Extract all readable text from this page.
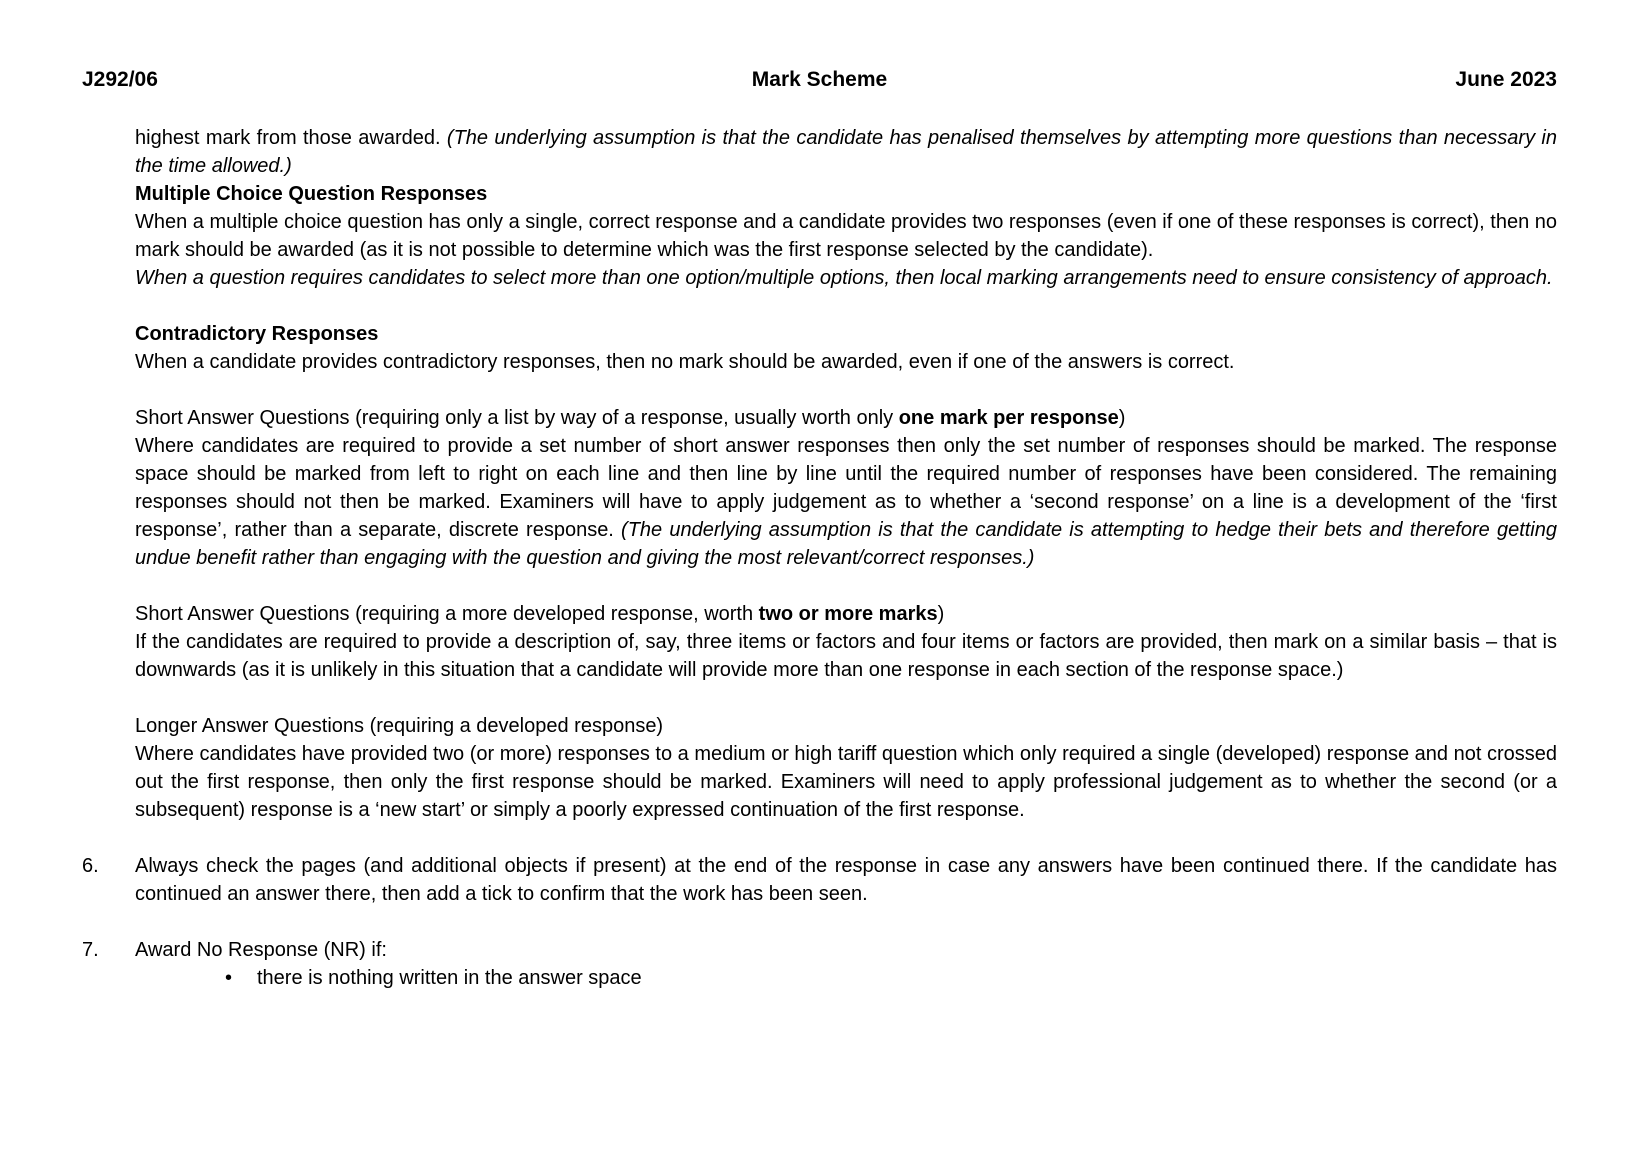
J292/06	Mark Scheme	June 2023

highest mark from those awarded. (The underlying assumption is that the candidate has penalised themselves by attempting more questions than necessary in the time allowed.)

Multiple Choice Question Responses

When a multiple choice question has only a single, correct response and a candidate provides two responses (even if one of these responses is correct), then no mark should be awarded (as it is not possible to determine which was the first response selected by the candidate).

When a question requires candidates to select more than one option/multiple options, then local marking arrangements need to ensure consistency of approach.

Contradictory Responses

When a candidate provides contradictory responses, then no mark should be awarded, even if one of the answers is correct.

Short Answer Questions (requiring only a list by way of a response, usually worth only one mark per response)

Where candidates are required to provide a set number of short answer responses then only the set number of responses should be marked. The response space should be marked from left to right on each line and then line by line until the required number of responses have been considered. The remaining responses should not then be marked. Examiners will have to apply judgement as to whether a ‘second response’ on a line is a development of the ‘first response’, rather than a separate, discrete response. (The underlying assumption is that the candidate is attempting to hedge their bets and therefore getting undue benefit rather than engaging with the question and giving the most relevant/correct responses.)

Short Answer Questions (requiring a more developed response, worth two or more marks)

If the candidates are required to provide a description of, say, three items or factors and four items or factors are provided, then mark on a similar basis – that is downwards (as it is unlikely in this situation that a candidate will provide more than one response in each section of the response space.)

Longer Answer Questions (requiring a developed response)

Where candidates have provided two (or more) responses to a medium or high tariff question which only required a single (developed) response and not crossed out the first response, then only the first response should be marked. Examiners will need to apply professional judgement as to whether the second (or a subsequent) response is a ‘new start’ or simply a poorly expressed continuation of the first response.

6.	Always check the pages (and additional objects if present) at the end of the response in case any answers have been continued there. If the candidate has continued an answer there, then add a tick to confirm that the work has been seen.

7.	Award No Response (NR) if:

•	there is nothing written in the answer space
